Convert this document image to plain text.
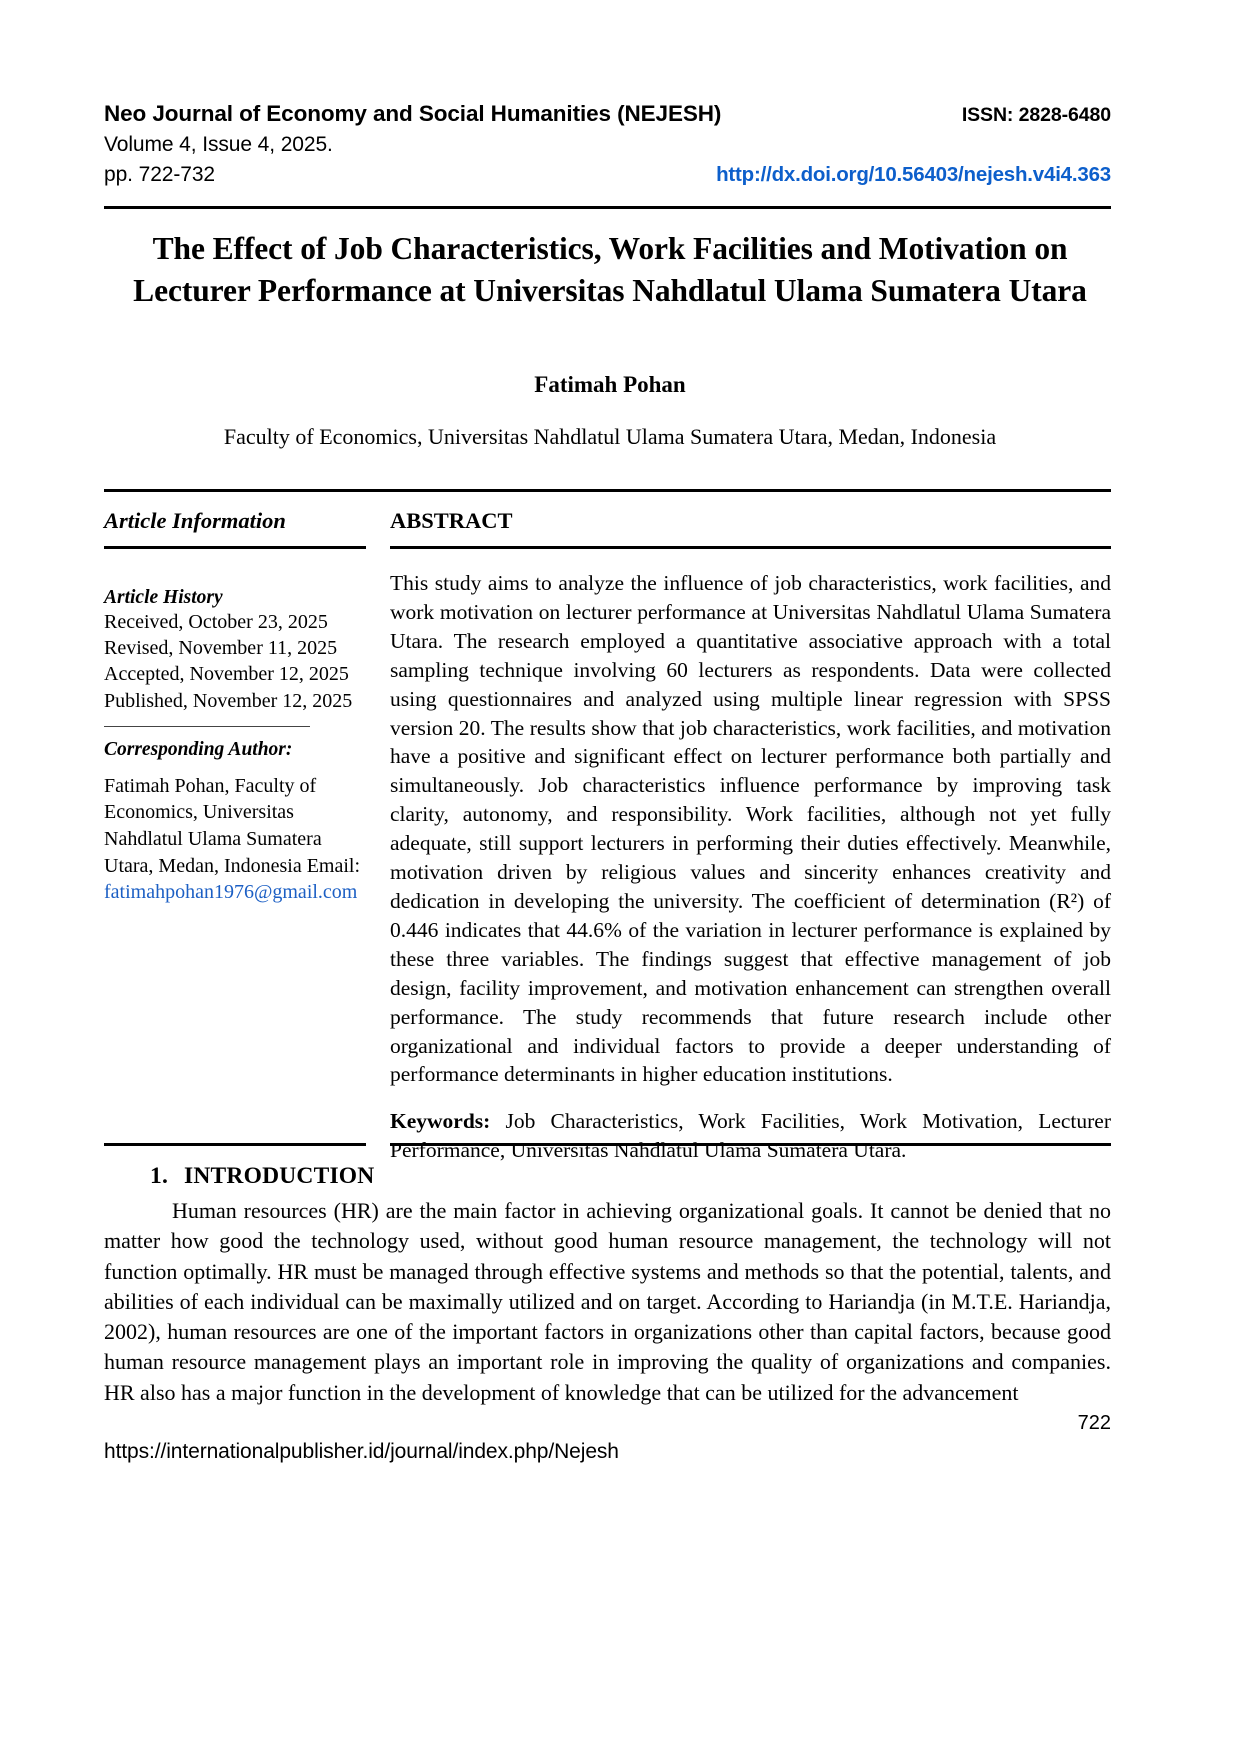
Neo Journal of Economy and Social Humanities (NEJESH)	ISSN: 2828-6480
Volume 4, Issue 4, 2025.
pp. 722-732	http://dx.doi.org/10.56403/nejesh.v4i4.363
The Effect of Job Characteristics, Work Facilities and Motivation on Lecturer Performance at Universitas Nahdlatul Ulama Sumatera Utara
Fatimah Pohan
Faculty of Economics, Universitas Nahdlatul Ulama Sumatera Utara, Medan, Indonesia
Article Information
Article History
Received, October 23, 2025
Revised, November 11, 2025
Accepted, November 12, 2025
Published, November 12, 2025
Corresponding Author:
Fatimah Pohan, Faculty of Economics, Universitas Nahdlatul Ulama Sumatera Utara, Medan, Indonesia Email:
fatimahpohan1976@gmail.com
ABSTRACT
This study aims to analyze the influence of job characteristics, work facilities, and work motivation on lecturer performance at Universitas Nahdlatul Ulama Sumatera Utara. The research employed a quantitative associative approach with a total sampling technique involving 60 lecturers as respondents. Data were collected using questionnaires and analyzed using multiple linear regression with SPSS version 20. The results show that job characteristics, work facilities, and motivation have a positive and significant effect on lecturer performance both partially and simultaneously. Job characteristics influence performance by improving task clarity, autonomy, and responsibility. Work facilities, although not yet fully adequate, still support lecturers in performing their duties effectively. Meanwhile, motivation driven by religious values and sincerity enhances creativity and dedication in developing the university. The coefficient of determination (R²) of 0.446 indicates that 44.6% of the variation in lecturer performance is explained by these three variables. The findings suggest that effective management of job design, facility improvement, and motivation enhancement can strengthen overall performance. The study recommends that future research include other organizational and individual factors to provide a deeper understanding of performance determinants in higher education institutions.
Keywords: Job Characteristics, Work Facilities, Work Motivation, Lecturer Performance, Universitas Nahdlatul Ulama Sumatera Utara.
1. INTRODUCTION
Human resources (HR) are the main factor in achieving organizational goals. It cannot be denied that no matter how good the technology used, without good human resource management, the technology will not function optimally. HR must be managed through effective systems and methods so that the potential, talents, and abilities of each individual can be maximally utilized and on target. According to Hariandja (in M.T.E. Hariandja, 2002), human resources are one of the important factors in organizations other than capital factors, because good human resource management plays an important role in improving the quality of organizations and companies. HR also has a major function in the development of knowledge that can be utilized for the advancement
722
https://internationalpublisher.id/journal/index.php/Nejesh
